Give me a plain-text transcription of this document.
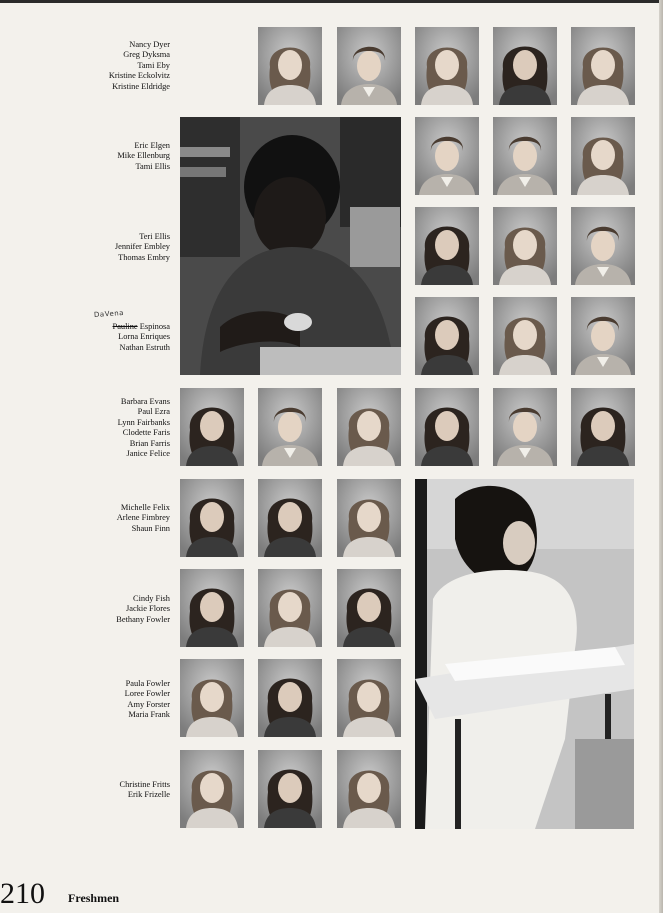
Nancy Dyer
Greg Dyksma
Tami Eby
Kristine Eckolvitz
Kristine Eldridge
Eric Elgen
Mike Ellenburg
Tami Ellis
Teri Ellis
Jennifer Embley
Thomas Embry
DaVena
Pauline Espinosa
Lorna Enriques
Nathan Estruth
Barbara Evans
Paul Ezra
Lynn Fairbanks
Clodette Faris
Brian Farris
Janice Felice
Michelle Felix
Arlene Fimbrey
Shaun Finn
Cindy Fish
Jackie Flores
Bethany Fowler
Paula Fowler
Loree Fowler
Amy Forster
Maria Frank
Christine Fritts
Erik Frizelle
210 Freshmen
